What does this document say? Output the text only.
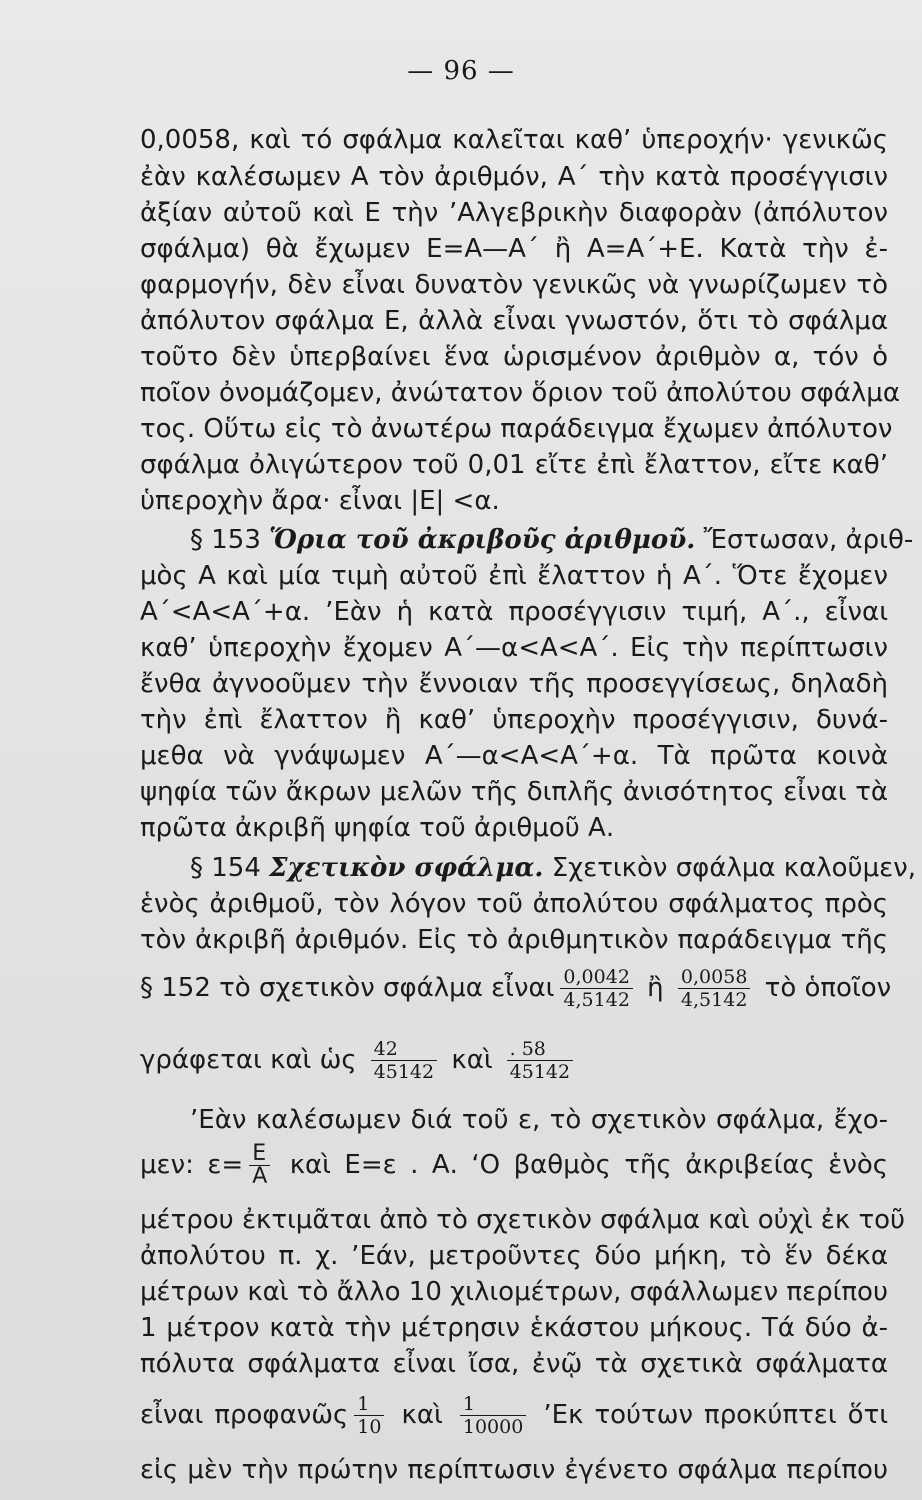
— 96 —
0,0058, καὶ τό σφάλμα καλεῖται καθ’ ὑπεροχήν· γενικῶς
ἐὰν καλέσωμεν Α τὸν ἀριθμόν, Α΄ τὴν κατὰ προσέγγισιν
ἀξίαν αὐτοῦ καὶ Ε τὴν ’Αλγεβρικὴν διαφορὰν (ἀπόλυτον
σφάλμα) θὰ ἔχωμεν Ε=Α—Α΄ ἢ Α=Α΄+Ε. Κατὰ τὴν ἐ-
φαρμογήν, δὲν εἶναι δυνατὸν γενικῶς νὰ γνωρίζωμεν τὸ
ἀπόλυτον σφάλμα Ε, ἀλλὰ εἶναι γνωστόν, ὅτι τὸ σφάλμα
τοῦτο δὲν ὑπερβαίνει ἕνα ὡρισμένον ἀριθμὸν α, τόν ὁ
ποῖον ὀνομάζομεν, ἀνώτατον ὅριον τοῦ ἀπολύτου σφάλμα
τος. Οὕτω εἰς τὸ ἀνωτέρω παράδειγμα ἔχωμεν ἀπόλυτον
σφάλμα ὀλιγώτερον τοῦ 0,01 εἴτε ἐπὶ ἔλαττον, εἴτε καθ’
ὑπεροχὴν ἄρα· εἶναι |Ε| <α.
§ 153 Ὅρια τοῦ ἀκριβοῦς ἀριθμοῦ. Ἔστωσαν, ἀριθ-
μὸς Α καὶ μία τιμὴ αὐτοῦ ἐπὶ ἔλαττον ἡ Α΄. Ὅτε ἔχομεν
Α΄<Α<Α΄+α. ’Εὰν ἡ κατὰ προσέγγισιν τιμή, Α΄., εἶναι
καθ’ ὑπεροχὴν ἔχομεν Α΄—α<Α<Α΄. Εἰς τὴν περίπτωσιν
ἔνθα ἀγνοοῦμεν τὴν ἔννοιαν τῆς προσεγγίσεως, δηλαδὴ
τὴν ἐπὶ ἔλαττον ἢ καθ’ ὑπεροχὴν προσέγγισιν, δυνά-
μεθα νὰ γνάψωμεν Α΄—α<Α<Α΄+α. Τὰ πρῶτα κοινὰ
ψηφία τῶν ἄκρων μελῶν τῆς διπλῆς ἀνισότητος εἶναι τὰ
πρῶτα ἀκριβῆ ψηφία τοῦ ἀριθμοῦ Α.
§ 154 Σχετικὸν σφάλμα. Σχετικὸν σφάλμα καλοῦμεν,
ἑνὸς ἀριθμοῦ, τὸν λόγον τοῦ ἀπολύτου σφάλματος πρὸς
τὸν ἀκριβῆ ἀριθμόν. Εἰς τὸ ἀριθμητικὸν παράδειγμα τῆς
§ 152 τὸ σχετικὸν σφάλμα εἶναι $\frac{0,0042}{4,5142}$ ἢ $\frac{0,0058}{4,5142}$ τὸ ὁποῖον
γράφεται καὶ ὡς $\frac{42}{45142}$ καὶ $\frac{. 58}{45142}$
’Εὰν καλέσωμεν διά τοῦ ε, τὸ σχετικὸν σφάλμα, ἔχο-
μεν: $\varepsilon= \frac{E}{A}$ καὶ Ε=ε . Α. ‘Ο βαθμὸς τῆς ἀκριβείας ἑνὸς
μέτρου ἐκτιμᾶται ἀπὸ τὸ σχετικὸν σφάλμα καὶ οὐχὶ ἐκ τοῦ
ἀπολύτου π. χ. ’Εάν, μετροῦντες δύο μήκη, τὸ ἕν δέκα
μέτρων καὶ τὸ ἄλλο 10 χιλιομέτρων, σφάλλωμεν περίπου
1 μέτρον κατὰ τὴν μέτρησιν ἑκάστου μήκους. Τά δύο ἀ-
πόλυτα σφάλματα εἶναι ἴσα, ἐνῷ τὰ σχετικὰ σφάλματα
εἶναι προφανῶς $\frac{1}{10}$ καὶ $\frac{1}{10000}$ ’Εκ τούτων προκύπτει ὅτι
εἰς μὲν τὴν πρώτην περίπτωσιν ἐγένετο σφάλμα περίπου
